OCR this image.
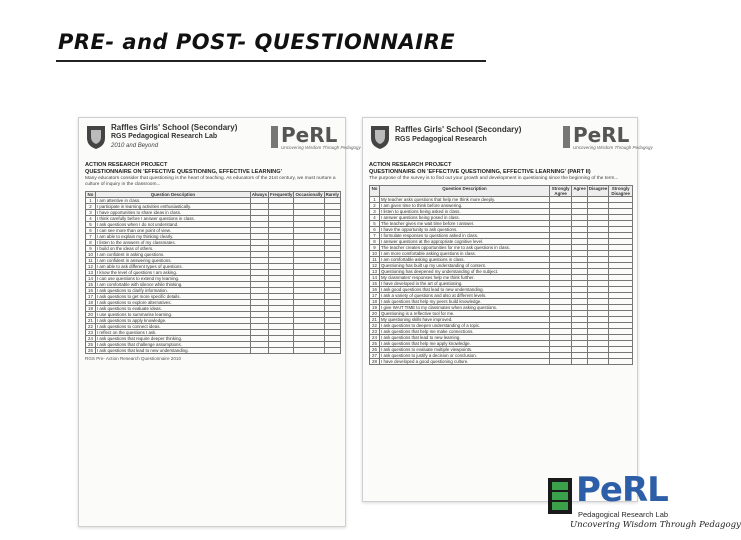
PRE- and POST- QUESTIONNAIRE
Raffles Girls' School (Secondary)
RGS Pedagogical Research Lab
2010 and Beyond	PeRL
Uncovering Wisdom Through Pedagogy
ACTION RESEARCH PROJECT
QUESTIONNAIRE ON 'EFFECTIVE QUESTIONING, EFFECTIVE LEARNING'
Many educators consider that questioning is the heart of teaching. As educators of the 21st century, we must nurture a culture of inquiry in the classroom...
No	Question Description	Always	Frequently	Occasionally	Rarely
1	I am attentive in class.				
2	I participate in learning activities enthusiastically.				
3	I have opportunities to share ideas in class.				
4	I think carefully before I answer questions in class.				
5	I ask questions when I do not understand.				
6	I can see more than one point of view.				
7	I am able to explain my thinking clearly.				
8	I listen to the answers of my classmates.				
9	I build on the ideas of others.				
10	I am confident in asking questions.				
11	I am confident in answering questions.				
12	I am able to ask different types of questions.				
13	I know the level of questions I am asking.				
14	I can use questions to extend my learning.				
15	I am comfortable with silence while thinking.				
16	I ask questions to clarify information.				
17	I ask questions to get more specific details.				
18	I ask questions to explore alternatives.				
19	I ask questions to evaluate ideas.				
20	I use questions to summarise learning.				
21	I ask questions to apply knowledge.				
22	I ask questions to connect ideas.				
23	I reflect on the questions I ask.				
24	I ask questions that require deeper thinking.				
25	I ask questions that challenge assumptions.				
26	I ask questions that lead to new understanding.				
RGS Pre- Action Research Questionnaire 2010
Raffles Girls' School (Secondary)
RGS Pedagogical Research	PeRL
Uncovering Wisdom Through Pedagogy
ACTION RESEARCH PROJECT
QUESTIONNAIRE ON 'EFFECTIVE QUESTIONING, EFFECTIVE LEARNING' (PART II)
The purpose of the survey is to find out your growth and development in questioning since the beginning of the term...
No	Question Description	Strongly Agree	Agree	Disagree	Strongly Disagree
1	My teacher asks questions that help me think more deeply.				
2	I am given time to think before answering.				
3	I listen to questions being asked in class.				
4	I answer questions being posed in class.				
5	The teacher gives me wait time before I answer.				
6	I have the opportunity to ask questions.				
7	I formulate responses to questions asked in class.				
8	I answer questions at the appropriate cognitive level.				
9	The teacher creates opportunities for me to ask questions in class.				
10	I am more comfortable asking questions in class.				
11	I am comfortable asking questions in class.				
12	Questioning has built up my understanding of content.				
13	Questioning has deepened my understanding of the subject.				
14	My classmates' responses help me think further.				
15	I have developed in the art of questioning.				
16	I ask good questions that lead to new understanding.				
17	I ask a variety of questions and also at different levels.				
18	I ask questions that help my peers build knowledge.				
19	I give WAIT TIME to my classmates when asking questions.				
20	Questioning is a reflective tool for me.				
21	My questioning skills have improved.				
22	I ask questions to deepen understanding of a topic.				
23	I ask questions that help me make connections.				
24	I ask questions that lead to new learning.				
25	I ask questions that help me apply knowledge.				
26	I ask questions to evaluate multiple viewpoints.				
27	I ask questions to justify a decision or conclusion.				
28	I have developed a good questioning culture.				
PeRL
Pedagogical Research Lab
Uncovering Wisdom Through Pedagogy
